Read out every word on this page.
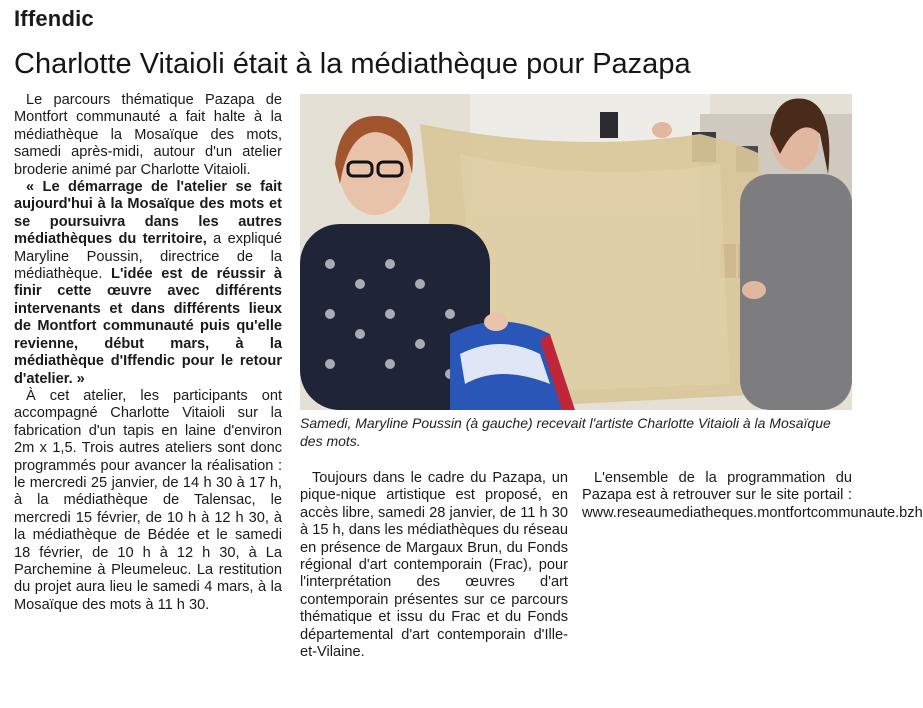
Iffendic
Charlotte Vitaioli était à la médiathèque pour Pazapa

Le parcours thématique Pazapa de Montfort communauté a fait halte à la médiathèque la Mosaïque des mots, samedi après-midi, autour d'un atelier broderie animé par Charlotte Vitaioli.

« Le démarrage de l'atelier se fait aujourd'hui à la Mosaïque des mots et se poursuivra dans les autres médiathèques du territoire, a expliqué Maryline Poussin, directrice de la médiathèque. L'idée est de réussir à finir cette œuvre avec différents intervenants et dans différents lieux de Montfort communauté puis qu'elle revienne, début mars, à la médiathèque d'Iffendic pour le retour d'atelier. »

À cet atelier, les participants ont accompagné Charlotte Vitaioli sur la fabrication d'un tapis en laine d'environ 2m x 1,5. Trois autres ateliers sont donc programmés pour avancer la réalisation : le mercredi 25 janvier, de 14 h 30 à 17 h, à la médiathèque de Talensac, le mercredi 15 février, de 10 h à 12 h 30, à la médiathèque de Bédée et le samedi 18 février, de 10 h à 12 h 30, à La Parchemine à Pleumeleuc. La restitution du projet aura lieu le samedi 4 mars, à la Mosaïque des mots à 11 h 30.

Samedi, Maryline Poussin (à gauche) recevait l'artiste Charlotte Vitaioli à la Mosaïque des mots.

Toujours dans le cadre du Pazapa, un pique-nique artistique est proposé, en accès libre, samedi 28 janvier, de 11 h 30 à 15 h, dans les médiathèques du réseau en présence de Margaux Brun, du Fonds régional d'art contemporain (Frac), pour l'interprétation des œuvres d'art contemporain présentes sur ce parcours thématique et issu du Frac et du Fonds départemental d'art contemporain d'Ille-et-Vilaine.

L'ensemble de la programmation du Pazapa est à retrouver sur le site portail : www.reseaumediatheques.montfortcommunaute.bzh
